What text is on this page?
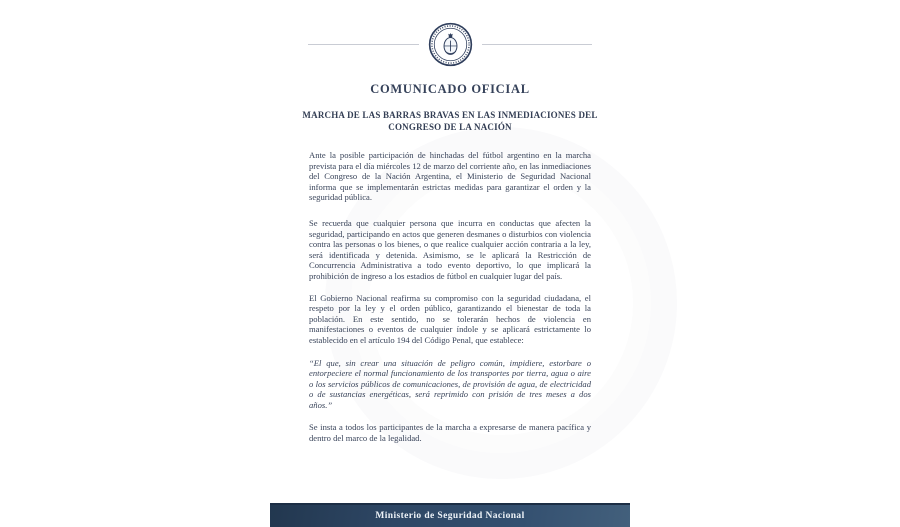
COMUNICADO OFICIAL
MARCHA DE LAS BARRAS BRAVAS EN LAS INMEDIACIONES DEL
CONGRESO DE LA NACIÓN

Ante la posible participación de hinchadas del fútbol argentino en la marcha prevista para el día miércoles 12 de marzo del corriente año, en las inmediaciones del Congreso de la Nación Argentina, el Ministerio de Seguridad Nacional informa que se implementarán estrictas medidas para garantizar el orden y la seguridad pública.

Se recuerda que cualquier persona que incurra en conductas que afecten la seguridad, participando en actos que generen desmanes o disturbios con violencia contra las personas o los bienes, o que realice cualquier acción contraria a la ley, será identificada y detenida. Asimismo, se le aplicará la Restricción de Concurrencia Administrativa a todo evento deportivo, lo que implicará la prohibición de ingreso a los estadios de fútbol en cualquier lugar del país.

El Gobierno Nacional reafirma su compromiso con la seguridad ciudadana, el respeto por la ley y el orden público, garantizando el bienestar de toda la población. En este sentido, no se tolerarán hechos de violencia en manifestaciones o eventos de cualquier índole y se aplicará estrictamente lo establecido en el artículo 194 del Código Penal, que establece:

“El que, sin crear una situación de peligro común, impidiere, estorbare o entorpeciere el normal funcionamiento de los transportes por tierra, agua o aire o los servicios públicos de comunicaciones, de provisión de agua, de electricidad o de sustancias energéticas, será reprimido con prisión de tres meses a dos años.”

Se insta a todos los participantes de la marcha a expresarse de manera pacífica y dentro del marco de la legalidad.

Ministerio de Seguridad Nacional
